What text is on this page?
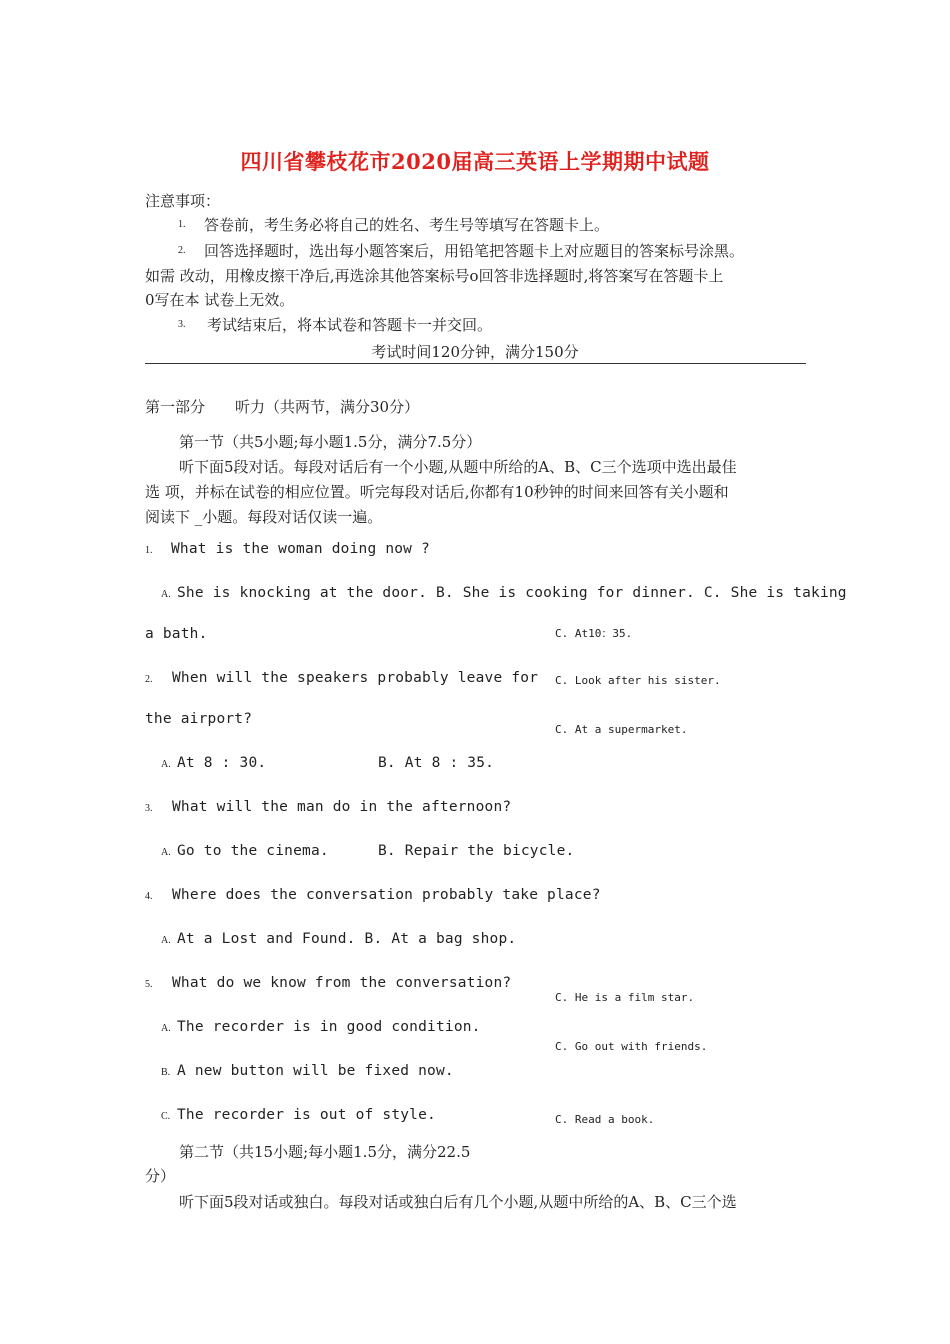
四川省攀枝花市2020届高三英语上学期期中试题
注意事项：
1. 答卷前，考生务必将自己的姓名、考生号等填写在答题卡上。
2. 回答选择题时，选出每小题答案后，用铅笔把答题卡上对应题目的答案标号涂黑。
如需 改动，用橡皮擦干净后,再选涂其他答案标号o回答非选择题时,将答案写在答题卡上
0写在本 试卷上无效。
3. 考试结束后，将本试卷和答题卡一并交回。
考试时间120分钟，满分150分
第一部分　　听力（共两节，满分30分）
第一节（共5小题;每小题1.5分，满分7.5分）
听下面5段对话。每段对话后有一个小题,从题中所给的A、B、C三个选项中选出最佳
选 项，并标在试卷的相应位置。听完每段对话后,你都有10秒钟的时间来回答有关小题和
阅读下 _小题。每段对话仅读一遍。
1. What is the woman doing now ?
A. She is knocking at the door. B. She is cooking for dinner. C. She is taking
a bath.
2. When will the speakers probably leave for
the airport?
A. At 8 : 30.	B. At 8 : 35.
3. What will the man do in the afternoon?
A. Go to the cinema.	B. Repair the bicycle.
4. Where does the conversation probably take place?
A. At a Lost and Found. B. At a bag shop.
5. What do we know from the conversation?
A. The recorder is in good condition.
B. A new button will be fixed now.
C. The recorder is out of style.
C. At10：35.
C. Look after his sister.
C. At a supermarket.
C. He is a film star.
C. Go out with friends.
C. Read a book.
第二节（共15小题;每小题1.5分，满分22.5
分）
听下面5段对话或独白。每段对话或独白后有几个小题,从题中所给的A、B、C三个选
